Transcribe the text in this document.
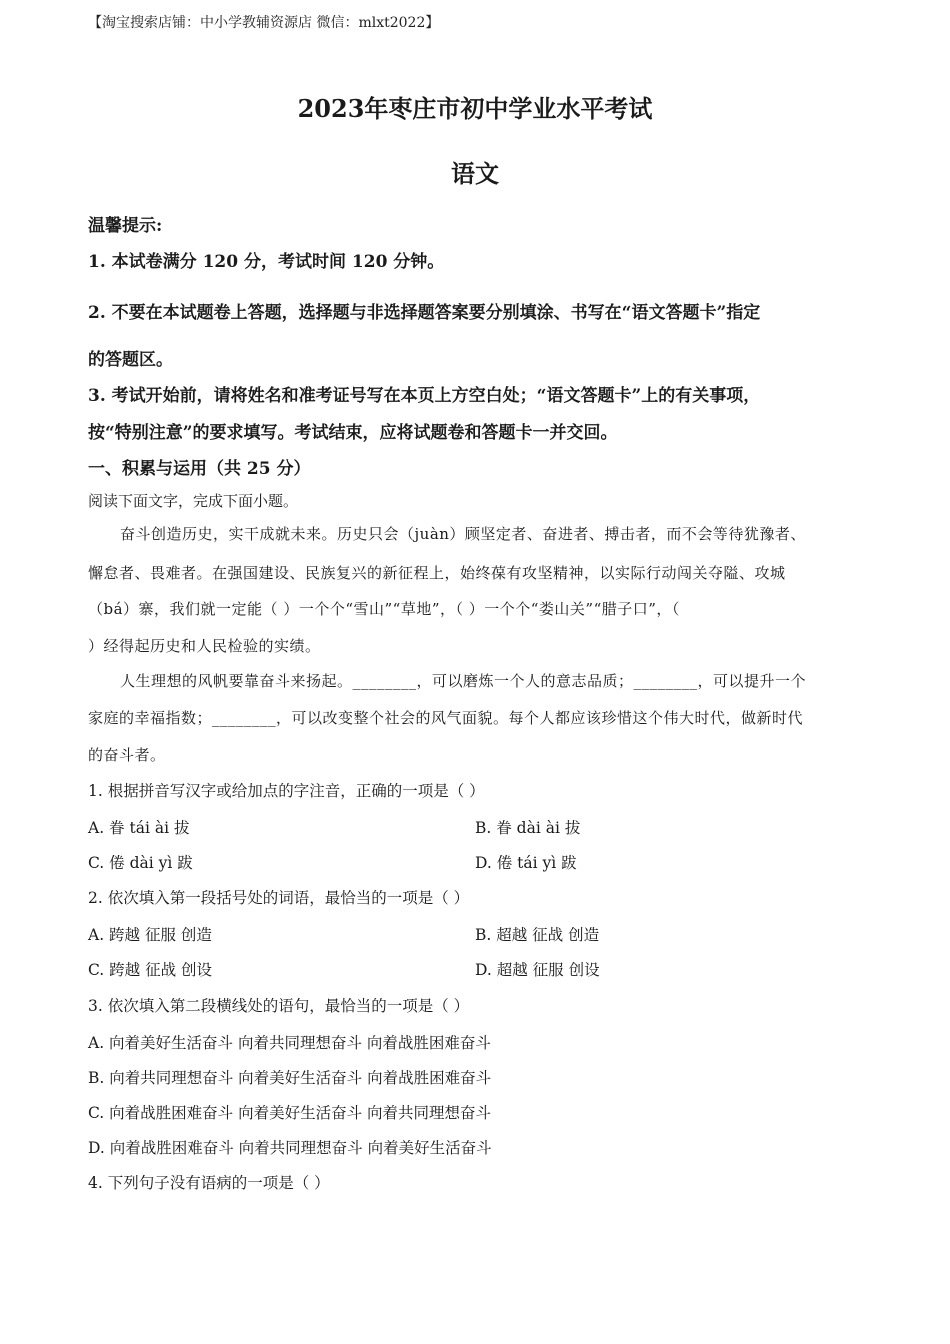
【淘宝搜索店铺：中小学教辅资源店 微信：mlxt2022】
2023年枣庄市初中学业水平考试
语文
温馨提示:
1. 本试卷满分 120 分，考试时间 120 分钟。
2. 不要在本试题卷上答题，选择题与非选择题答案要分别填涂、书写在“语文答题卡”指定
的答题区。
3. 考试开始前，请将姓名和准考证号写在本页上方空白处；“语文答题卡”上的有关事项，
按“特别注意”的要求填写。考试结束，应将试题卷和答题卡一并交回。
一、积累与运用（共 25 分）
阅读下面文字，完成下面小题。
奋斗创造历史，实干成就未来。历史只会（juàn）顾坚定者、奋进者、搏击者，而不会等待犹豫者、
懈怠者、畏难者。在强国建设、民族复兴的新征程上，始终葆有攻坚精神，以实际行动闯关夺隘、攻城
（bá）寨，我们就一定能（ ）一个个“雪山”“草地”，（ ）一个个“娄山关”“腊子口”，（
）经得起历史和人民检验的实绩。
人生理想的风帆要靠奋斗来扬起。________，可以磨炼一个人的意志品质；________，可以提升一个
家庭的幸福指数；________，可以改变整个社会的风气面貌。每个人都应该珍惜这个伟大时代，做新时代
的奋斗者。
1. 根据拼音写汉字或给加点的字注音，正确的一项是（ ）
A. 眷 tái ài 拔	B. 眷 dài ài 拔
C. 倦 dài yì 跋	D. 倦 tái yì 跋
2. 依次填入第一段括号处的词语，最恰当的一项是（ ）
A. 跨越 征服 创造	B. 超越 征战 创造
C. 跨越 征战 创设	D. 超越 征服 创设
3. 依次填入第二段横线处的语句，最恰当的一项是（ ）
A. 向着美好生活奋斗 向着共同理想奋斗 向着战胜困难奋斗
B. 向着共同理想奋斗 向着美好生活奋斗 向着战胜困难奋斗
C. 向着战胜困难奋斗 向着美好生活奋斗 向着共同理想奋斗
D. 向着战胜困难奋斗 向着共同理想奋斗 向着美好生活奋斗
4. 下列句子没有语病的一项是（ ）
